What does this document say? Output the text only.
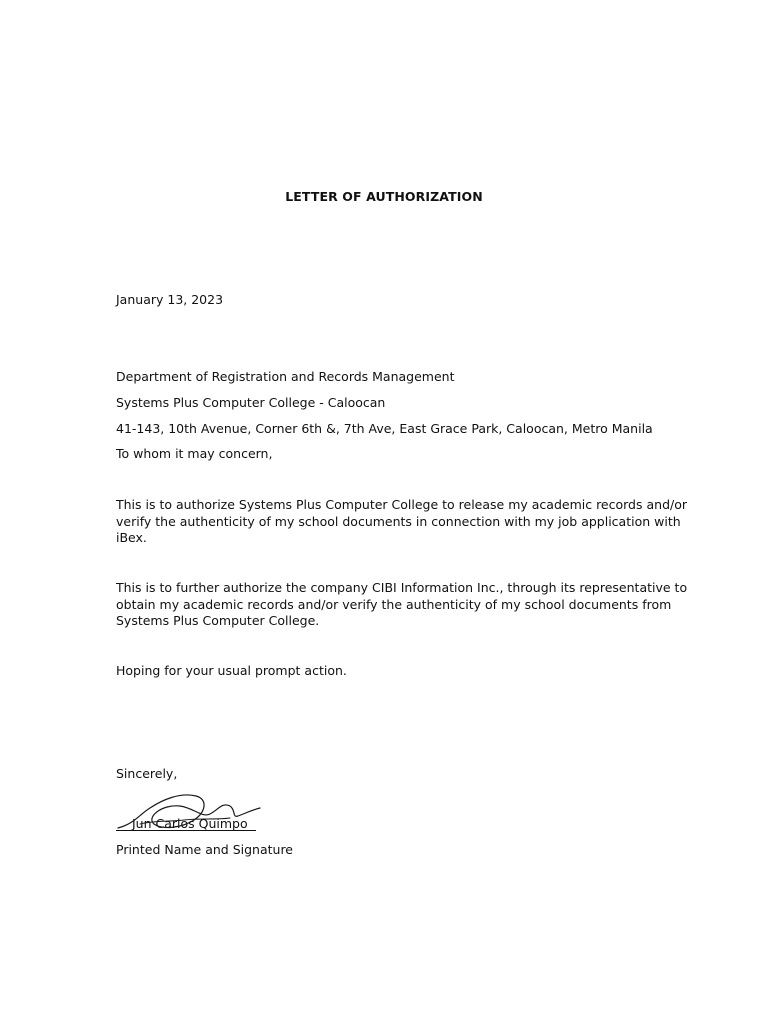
LETTER OF AUTHORIZATION
January 13, 2023
Department of Registration and Records Management
Systems Plus Computer College - Caloocan
41-143, 10th Avenue, Corner 6th &, 7th Ave, East Grace Park, Caloocan, Metro Manila
To whom it may concern,
This is to authorize Systems Plus Computer College to release my academic records and/or
verify the authenticity of my school documents in connection with my job application with
iBex.
This is to further authorize the company CIBI Information Inc., through its representative to
obtain my academic records and/or verify the authenticity of my school documents from
Systems Plus Computer College.
Hoping for your usual prompt action.
Sincerely,
Jun Carlos Quimpo
Printed Name and Signature
